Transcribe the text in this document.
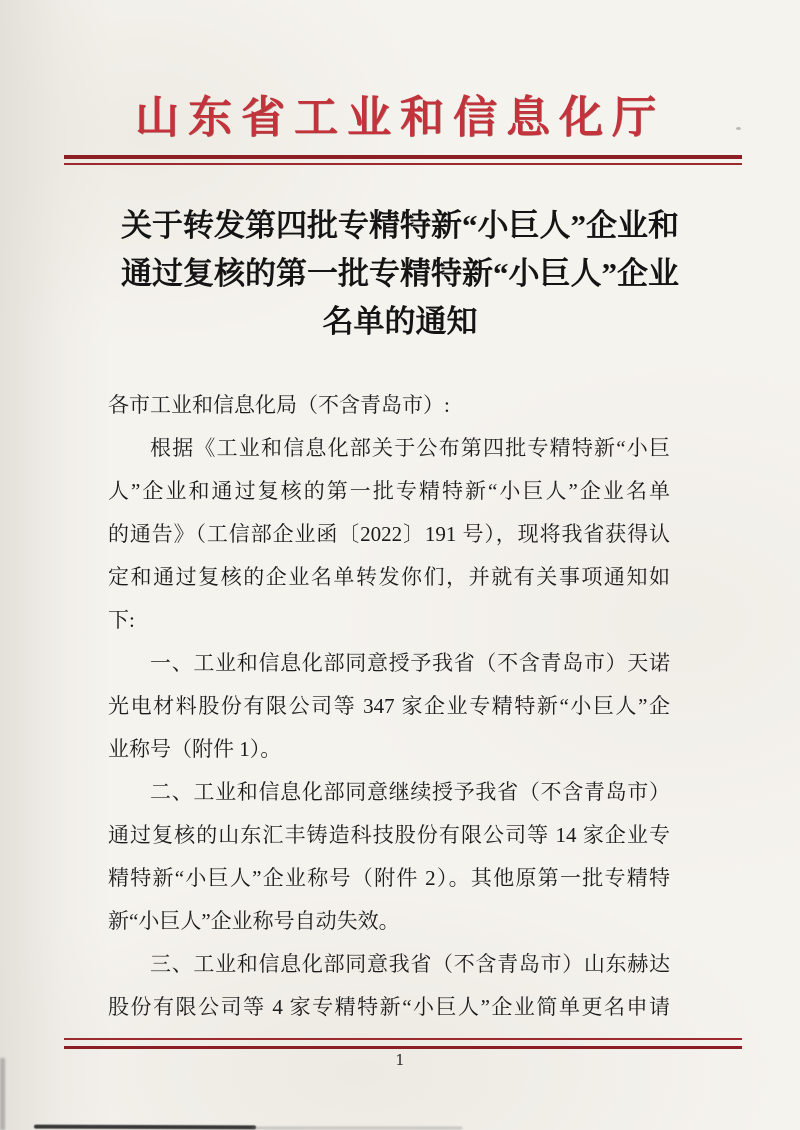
山东省工业和信息化厅
关于转发第四批专精特新“小巨人”企业和
通过复核的第一批专精特新“小巨人”企业
名单的通知
各市工业和信息化局（不含青岛市）:
根据《工业和信息化部关于公布第四批专精特新“小巨
人”企业和通过复核的第一批专精特新“小巨人”企业名单
的通告》（工信部企业函〔2022〕191 号），现将我省获得认
定和通过复核的企业名单转发你们，并就有关事项通知如
下:
一、工业和信息化部同意授予我省（不含青岛市）天诺
光电材料股份有限公司等 347 家企业专精特新“小巨人”企
业称号（附件 1）。
二、工业和信息化部同意继续授予我省（不含青岛市）
通过复核的山东汇丰铸造科技股份有限公司等 14 家企业专
精特新“小巨人”企业称号（附件 2）。其他原第一批专精特
新“小巨人”企业称号自动失效。
三、工业和信息化部同意我省（不含青岛市）山东赫达
股份有限公司等 4 家专精特新“小巨人”企业简单更名申请
1
